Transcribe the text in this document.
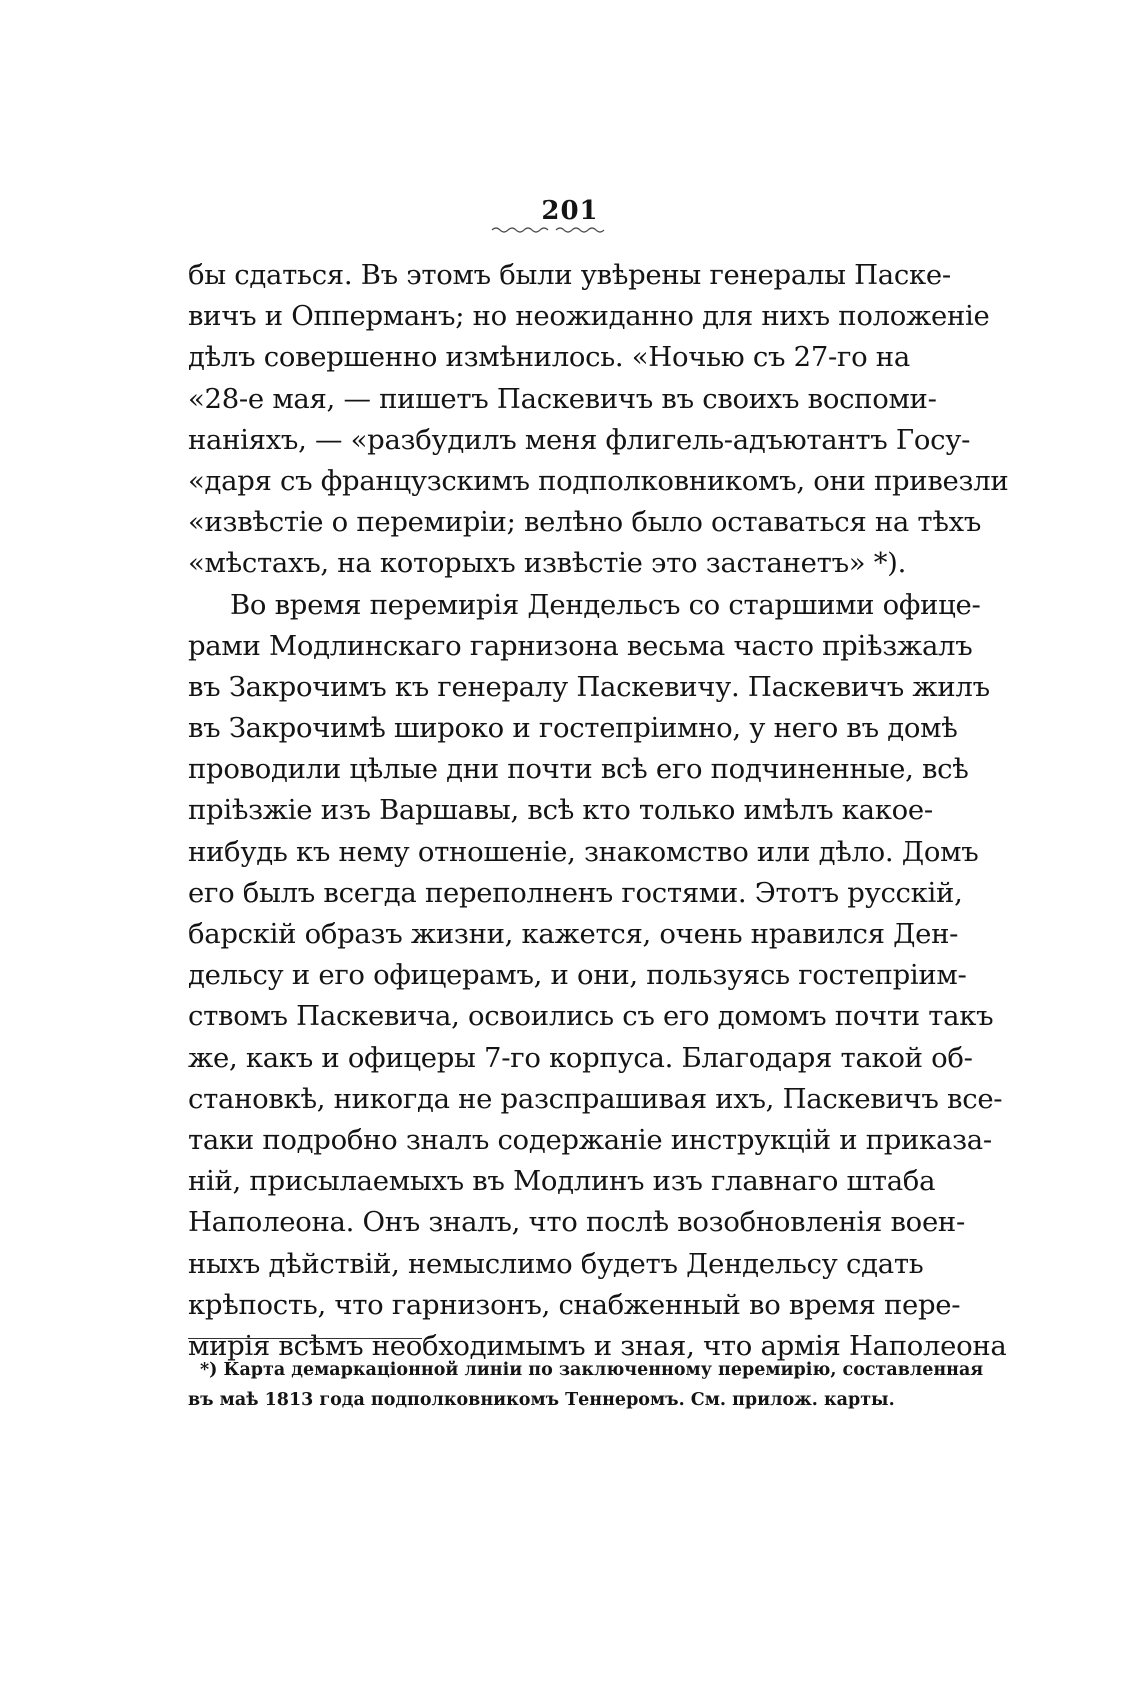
201
бы сдаться. Въ этомъ были увѣрены генералы Паске-
вичъ и Опперманъ; но неожиданно для нихъ положеніе
дѣлъ совершенно измѣнилось. «Ночью съ 27-го на
«28-е мая, — пишетъ Паскевичъ въ своихъ воспоми-
наніяхъ, — «разбудилъ меня флигель-адъютантъ Госу-
«даря съ французскимъ подполковникомъ, они привезли
«извѣстіе о перемиріи; велѣно было оставаться на тѣхъ
«мѣстахъ, на которыхъ извѣстіе это застанетъ» *).
Во время перемирія Дендельсъ со старшими офице-
рами Модлинскаго гарнизона весьма часто пріѣзжалъ
въ Закрочимъ къ генералу Паскевичу. Паскевичъ жилъ
въ Закрочимѣ широко и гостепріимно, у него въ домѣ
проводили цѣлые дни почти всѣ его подчиненные, всѣ
пріѣзжіе изъ Варшавы, всѣ кто только имѣлъ какое-
нибудь къ нему отношеніе, знакомство или дѣло. Домъ
его былъ всегда переполненъ гостями. Этотъ русскій,
барскій образъ жизни, кажется, очень нравился Ден-
дельсу и его офицерамъ, и они, пользуясь гостепріим-
ствомъ Паскевича, освоились съ его домомъ почти такъ
же, какъ и офицеры 7-го корпуса. Благодаря такой об-
становкѣ, никогда не разспрашивая ихъ, Паскевичъ все-
таки подробно зналъ содержаніе инструкцій и приказа-
ній, присылаемыхъ въ Модлинъ изъ главнаго штаба
Наполеона. Онъ зналъ, что послѣ возобновленія воен-
ныхъ дѣйствій, немыслимо будетъ Дендельсу сдать
крѣпость, что гарнизонъ, снабженный во время пере-
мирія всѣмъ необходимымъ и зная, что армія Наполеона
*) Карта демаркаціонной линіи по заключенному перемирію, составленная
въ маѣ 1813 года подполковникомъ Теннеромъ. См. прилож. карты.
